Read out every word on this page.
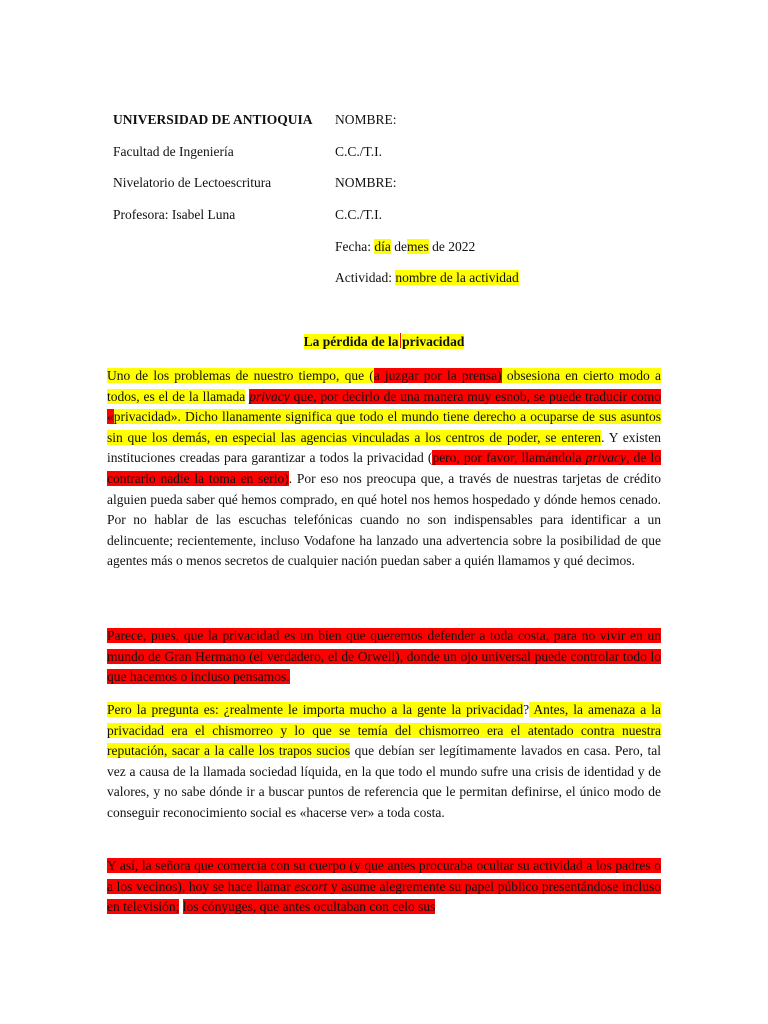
UNIVERSIDAD DE ANTIOQUIA
Facultad de Ingeniería
Nivelatorio de Lectoescritura
Profesora: Isabel Luna
NOMBRE:
C.C./T.I.
NOMBRE:
C.C./T.I.
Fecha: día demes de 2022
Actividad: nombre de la actividad
La pérdida de la privacidad
Uno de los problemas de nuestro tiempo, que (a juzgar por la prensa) obsesiona en cierto modo a todos, es el de la llamada privacy que, por decirlo de una manera muy esnob, se puede traducir como «privacidad». Dicho llanamente significa que todo el mundo tiene derecho a ocuparse de sus asuntos sin que los demás, en especial las agencias vinculadas a los centros de poder, se enteren. Y existen instituciones creadas para garantizar a todos la privacidad (pero, por favor, llamándola privacy, de lo contrario nadie la toma en serio). Por eso nos preocupa que, a través de nuestras tarjetas de crédito alguien pueda saber qué hemos comprado, en qué hotel nos hemos hospedado y dónde hemos cenado. Por no hablar de las escuchas telefónicas cuando no son indispensables para identificar a un delincuente; recientemente, incluso Vodafone ha lanzado una advertencia sobre la posibilidad de que agentes más o menos secretos de cualquier nación puedan saber a quién llamamos y qué decimos.
Parece, pues, que la privacidad es un bien que queremos defender a toda costa, para no vivir en un mundo de Gran Hermano (el verdadero, el de Orwell), donde un ojo universal puede controlar todo lo que hacemos o incluso pensamos.
Pero la pregunta es: ¿realmente le importa mucho a la gente la privacidad? Antes, la amenaza a la privacidad era el chismorreo y lo que se temía del chismorreo era el atentado contra nuestra reputación, sacar a la calle los trapos sucios que debían ser legítimamente lavados en casa. Pero, tal vez a causa de la llamada sociedad líquida, en la que todo el mundo sufre una crisis de identidad y de valores, y no sabe dónde ir a buscar puntos de referencia que le permitan definirse, el único modo de conseguir reconocimiento social es «hacerse ver» a toda costa.
Y así, la señora que comercia con su cuerpo (y que antes procuraba ocultar su actividad a los padres o a los vecinos), hoy se hace llamar escort y asume alegremente su papel público presentándose incluso en televisión; los cónyuges, que antes ocultaban con celo sus
